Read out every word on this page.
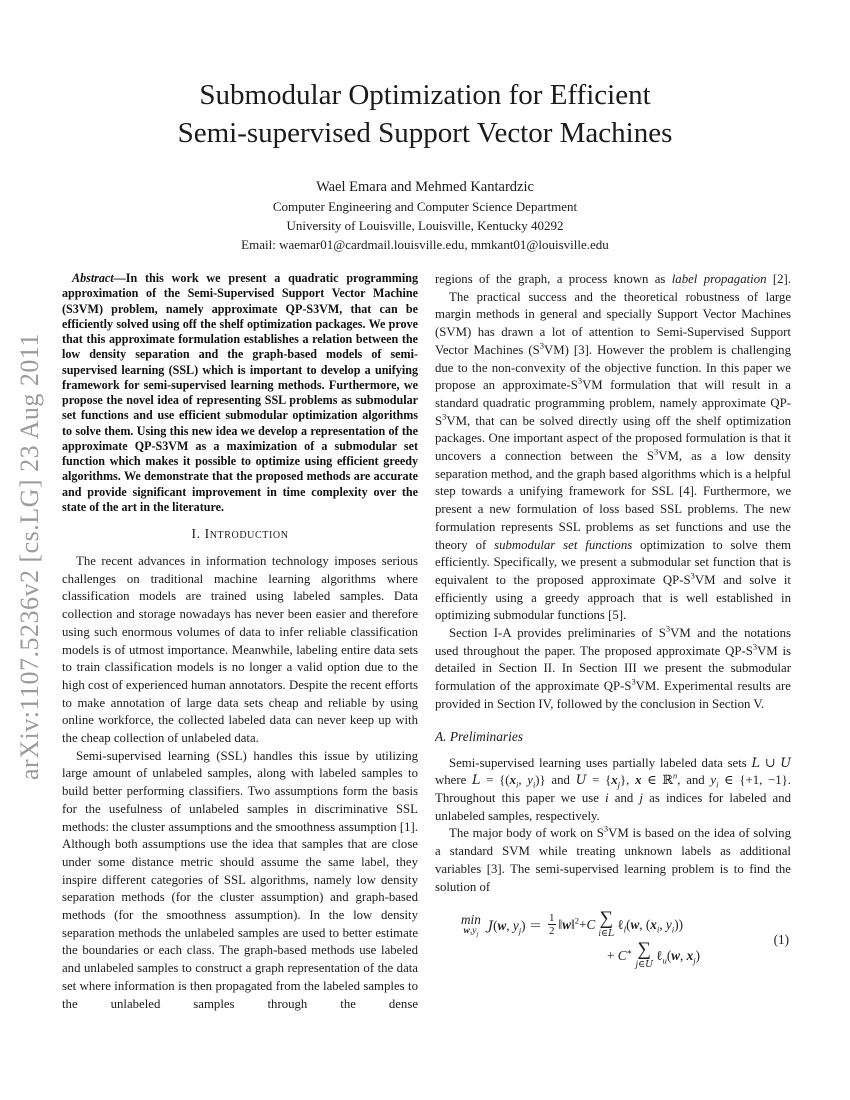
arXiv:1107.5236v2 [cs.LG] 23 Aug 2011
Submodular Optimization for Efficient
Semi-supervised Support Vector Machines
Wael Emara and Mehmed Kantardzic
Computer Engineering and Computer Science Department
University of Louisville, Louisville, Kentucky 40292
Email: waemar01@cardmail.louisville.edu, mmkant01@louisville.edu

Abstract—In this work we present a quadratic programming approximation of the Semi-Supervised Support Vector Machine (S3VM) problem, namely approximate QP-S3VM, that can be efficiently solved using off the shelf optimization packages. We prove that this approximate formulation establishes a relation between the low density separation and the graph-based models of semi-supervised learning (SSL) which is important to develop a unifying framework for semi-supervised learning methods. Furthermore, we propose the novel idea of representing SSL problems as submodular set functions and use efficient submodular optimization algorithms to solve them. Using this new idea we develop a representation of the approximate QP-S3VM as a maximization of a submodular set function which makes it possible to optimize using efficient greedy algorithms. We demonstrate that the proposed methods are accurate and provide significant improvement in time complexity over the state of the art in the literature.

I. Introduction

The recent advances in information technology imposes serious challenges on traditional machine learning algorithms where classification models are trained using labeled samples. Data collection and storage nowadays has never been easier and therefore using such enormous volumes of data to infer reliable classification models is of utmost importance. Meanwhile, labeling entire data sets to train classification models is no longer a valid option due to the high cost of experienced human annotators. Despite the recent efforts to make annotation of large data sets cheap and reliable by using online workforce, the collected labeled data can never keep up with the cheap collection of unlabeled data.

Semi-supervised learning (SSL) handles this issue by utilizing large amount of unlabeled samples, along with labeled samples to build better performing classifiers. Two assumptions form the basis for the usefulness of unlabeled samples in discriminative SSL methods: the cluster assumptions and the smoothness assumption [1]. Although both assumptions use the idea that samples that are close under some distance metric should assume the same label, they inspire different categories of SSL algorithms, namely low density separation methods (for the cluster assumption) and graph-based methods (for the smoothness assumption). In the low density separation methods the unlabeled samples are used to better estimate the boundaries or each class. The graph-based methods use labeled and unlabeled samples to construct a graph representation of the data set where information is then propagated from the labeled samples to the unlabeled samples through the dense

regions of the graph, a process known as label propagation [2].

The practical success and the theoretical robustness of large margin methods in general and specially Support Vector Machines (SVM) has drawn a lot of attention to Semi-Supervised Support Vector Machines $(S^3VM)$ [3]. However the problem is challenging due to the non-convexity of the objective function. In this paper we propose an approximate-$S^3VM$ formulation that will result in a standard quadratic programming problem, namely approximate $QP-S^3VM$, that can be solved directly using off the shelf optimization packages. One important aspect of the proposed formulation is that it uncovers a connection between the $S^3VM$, as a low density separation method, and the graph based algorithms which is a helpful step towards a unifying framework for SSL [4]. Furthermore, we present a new formulation of loss based SSL problems. The new formulation represents SSL problems as set functions and use the theory of submodular set functions optimization to solve them efficiently. Specifically, we present a submodular set function that is equivalent to the proposed approximate $QP-S^3VM$ and solve it efficiently using a greedy approach that is well established in optimizing submodular functions [5].

Section I-A provides preliminaries of $S^3VM$ and the notations used throughout the paper. The proposed approximate $QP-S^3VM$ is detailed in Section II. In Section III we present the submodular formulation of the approximate $QP-S^3VM$. Experimental results are provided in Section IV, followed by the conclusion in Section V.

A. Preliminaries

Semi-supervised learning uses partially labeled data sets L ∪ U where $L = \{(x_i$, $y_i$)} and $U = \{x_j\}$, x ∈ ℝ$^n$, and $y_i$ ∈ {+1, −1}. Throughout this paper we use i and j as indices for labeled and unlabeled samples, respectively.

The major body of work on $S^3VM$ is based on the idea of solving a standard SVM while treating unknown labels as additional variables [3]. The semi-supervised learning problem is to find the solution of

min
$w,y_j$
J(w, $y_j) = \frac{1}{2}$ ‖w‖$^2$+C ∑
i∈L
ℓ$_l$(w, ($x_i$, $y_i$))
+ C∗ ∑
j∈U
ℓ$_u$(w, $x_j$)
(1)
